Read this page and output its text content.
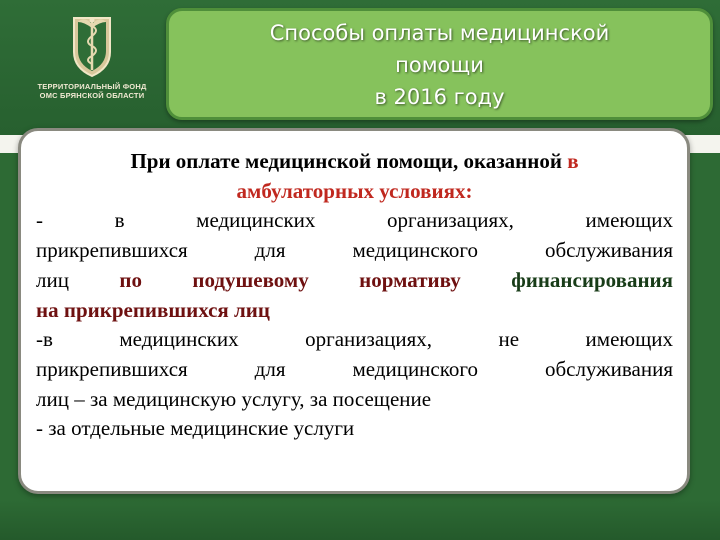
ТЕРРИТОРИАЛЬНЫЙ ФОНД
ОМС БРЯНСКОЙ ОБЛАСТИ
Способы оплаты медицинской
помощи
в 2016 году
При оплате медицинской помощи, оказанной в
амбулаторных условиях:
- в медицинских организациях, имеющих
прикрепившихся для медицинского обслуживания
лиц по подушевому нормативу финансирования
на прикрепившихся лиц
-в медицинских организациях, не имеющих
прикрепившихся для медицинского обслуживания
лиц – за медицинскую услугу, за посещение
- за отдельные медицинские услуги
